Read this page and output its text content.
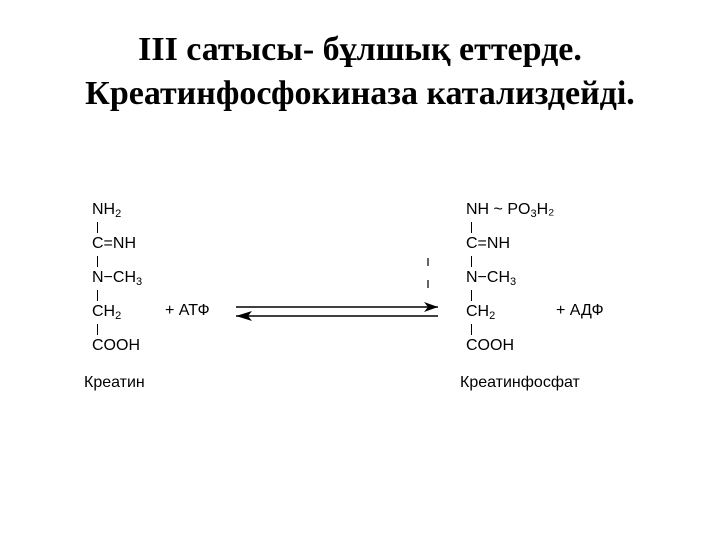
III сатысы- бұлшық еттерде.
Креатинфосфокиназа катализдейді.
$NH_2$
C=NH
$N-CH_3$
$CH_2$
COOH
Креатин
+ АТФ
NH ~ $PO_3H_2$
C=NH
$N-CH_3$
$CH_2$
COOH
Креатинфосфат
+ АДФ
